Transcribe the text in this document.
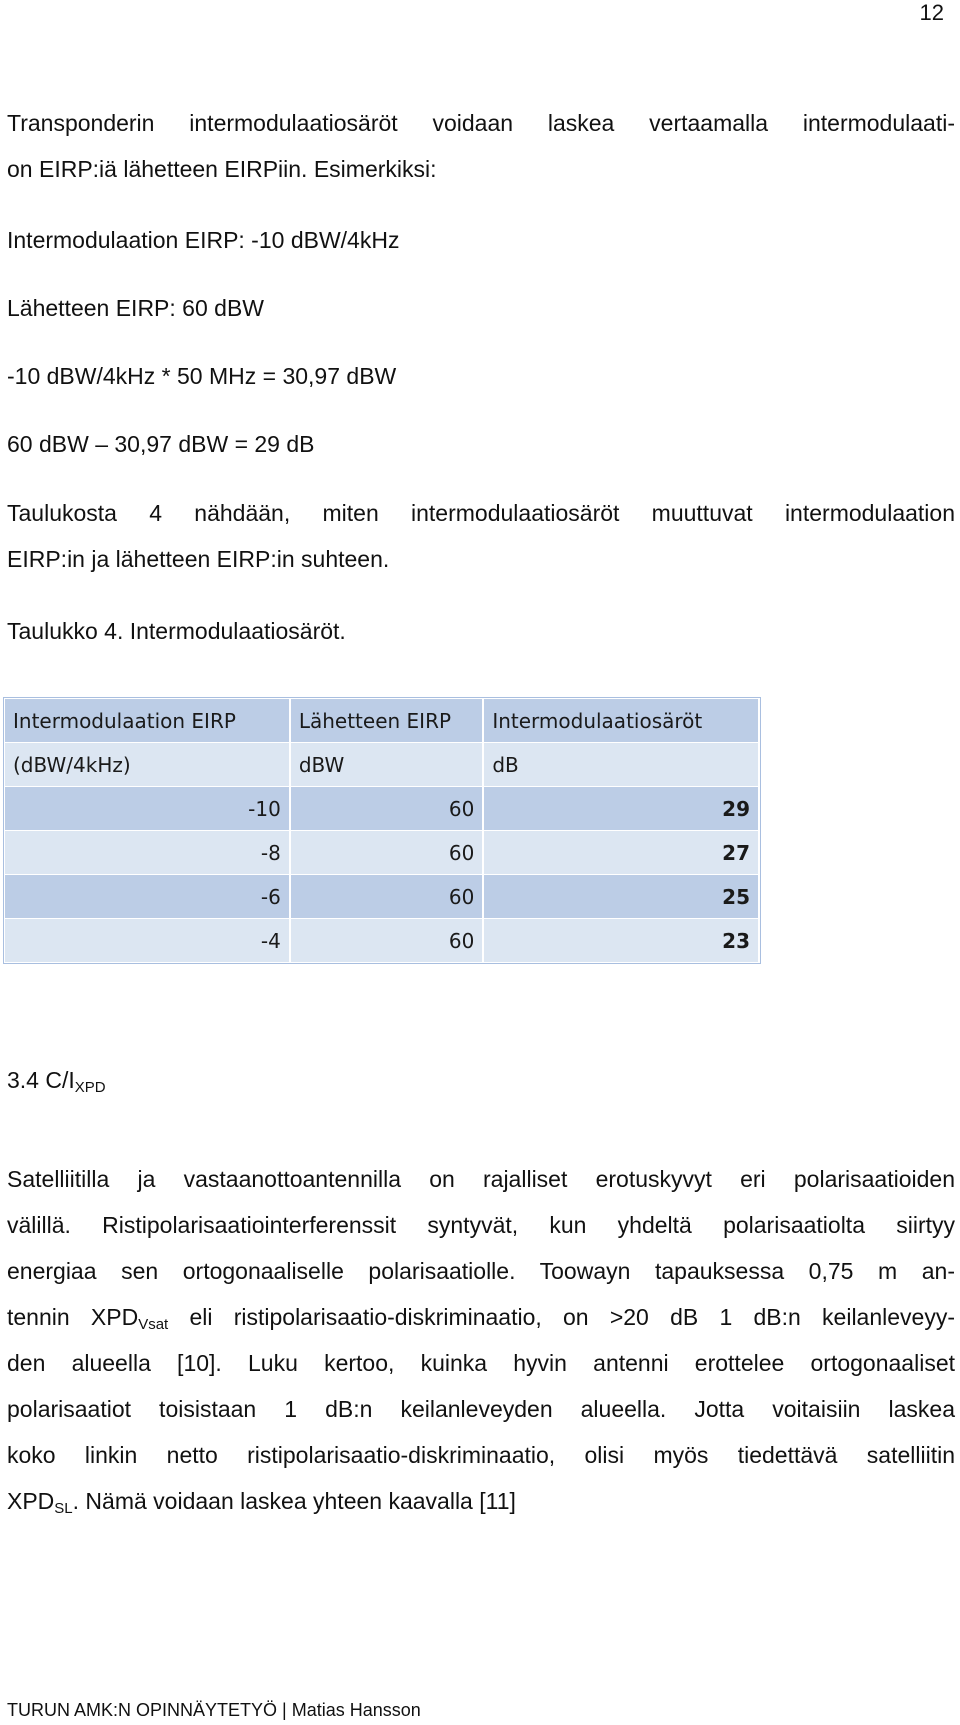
12
Transponderin intermodulaatiosäröt voidaan laskea vertaamalla intermodulaati-
on EIRP:iä lähetteen EIRPiin. Esimerkiksi:
Intermodulaation EIRP: -10 dBW/4kHz
Lähetteen EIRP: 60 dBW
-10 dBW/4kHz * 50 MHz = 30,97 dBW
60 dBW – 30,97 dBW = 29 dB
Taulukosta 4 nähdään, miten intermodulaatiosäröt muuttuvat intermodulaation
EIRP:in ja lähetteen EIRP:in suhteen.
Taulukko 4. Intermodulaatiosäröt.
Intermodulaation EIRP	Lähetteen EIRP	Intermodulaatiosäröt
(dBW/4kHz)	dBW	dB
-10	60	29
-8	60	27
-6	60	25
-4	60	23
3.4 $C/I_{XPD}$
Satelliitilla ja vastaanottoantennilla on rajalliset erotuskyvyt eri polarisaatioiden
välillä. Ristipolarisaatiointerferenssit syntyvät, kun yhdeltä polarisaatiolta siirtyy
energiaa sen ortogonaaliselle polarisaatiolle. Toowayn tapauksessa 0,75 m an-
tennin $XPD_{Vsat}$ eli ristipolarisaatio-diskriminaatio, on >20 dB 1 dB:n keilanleveyy-
den alueella [10]. Luku kertoo, kuinka hyvin antenni erottelee ortogonaaliset
polarisaatiot toisistaan 1 dB:n keilanleveyden alueella. Jotta voitaisiin laskea
koko linkin netto ristipolarisaatio-diskriminaatio, olisi myös tiedettävä satelliitin
$XPD_{SL}$. Nämä voidaan laskea yhteen kaavalla [11]
TURUN AMK:N OPINNÄYTETYÖ | Matias Hansson
